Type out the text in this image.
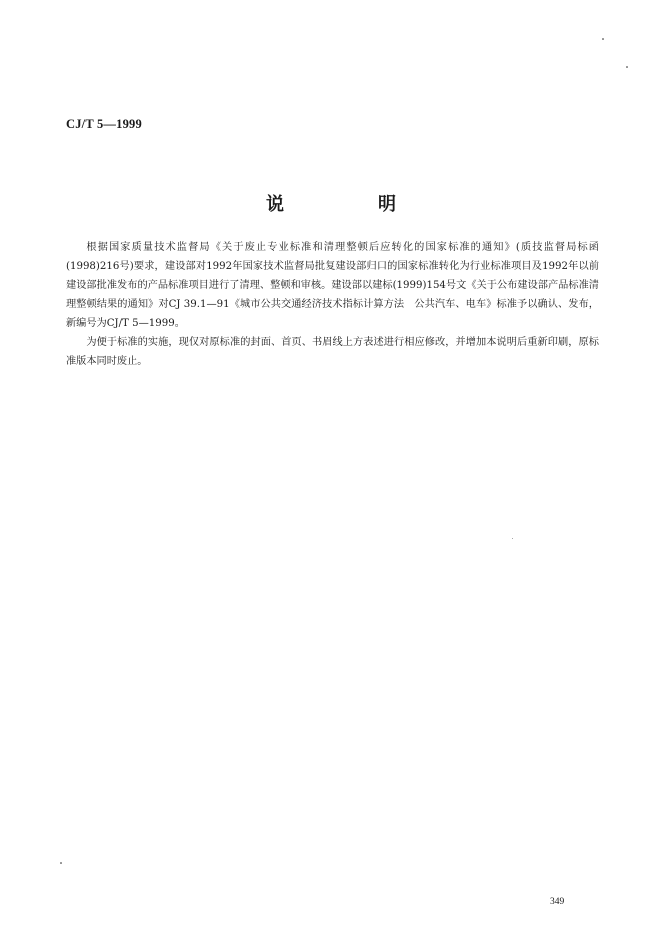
CJ/T 5—1999
说　明

根据国家质量技术监督局《关于废止专业标准和清理整顿后应转化的国家标准的通知》(质技监督局标函(1998)216号)要求，建设部对1992年国家技术监督局批复建设部归口的国家标准转化为行业标准项目及1992年以前建设部批准发布的产品标准项目进行了清理、整顿和审核。建设部以建标(1999)154号文《关于公布建设部产品标准清理整顿结果的通知》对CJ 39.1—91《城市公共交通经济技术指标计算方法　公共汽车、电车》标准予以确认、发布，新编号为CJ/T 5—1999。

为便于标准的实施，现仅对原标准的封面、首页、书眉线上方表述进行相应修改，并增加本说明后重新印刷，原标准版本同时废止。

349
